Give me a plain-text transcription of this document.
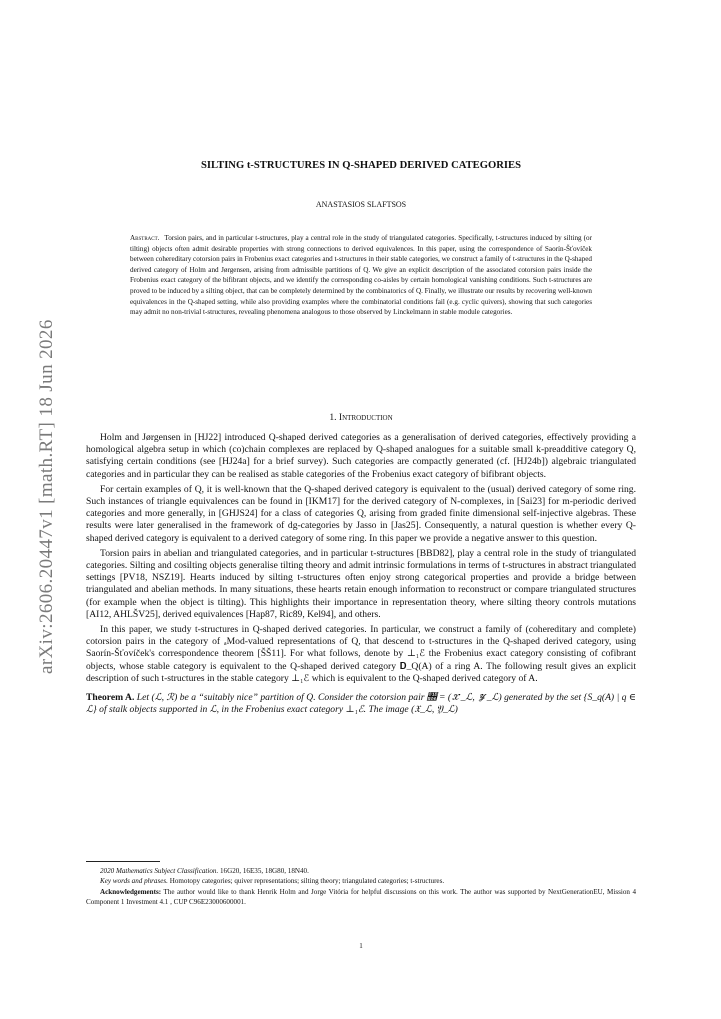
arXiv:2606.20447v1 [math.RT] 18 Jun 2026
SILTING t-STRUCTURES IN Q-SHAPED DERIVED CATEGORIES
ANASTASIOS SLAFTSOS
Abstract. Torsion pairs, and in particular t-structures, play a central role in the study of triangulated categories. Specifically, t-structures induced by silting (or tilting) objects often admit desirable properties with strong connections to derived equivalences. In this paper, using the correspondence of Saorín-Šťovíček between cohereditary cotorsion pairs in Frobenius exact categories and t-structures in their stable categories, we construct a family of t-structures in the Q-shaped derived category of Holm and Jørgensen, arising from admissible partitions of Q. We give an explicit description of the associated cotorsion pairs inside the Frobenius exact category of the bifibrant objects, and we identify the corresponding co-aisles by certain homological vanishing conditions. Such t-structures are proved to be induced by a silting object, that can be completely determined by the combinatorics of Q. Finally, we illustrate our results by recovering well-known equivalences in the Q-shaped setting, while also providing examples where the combinatorial conditions fail (e.g. cyclic quivers), showing that such categories may admit no non-trivial t-structures, revealing phenomena analogous to those observed by Linckelmann in stable module categories.
1. Introduction

Holm and Jørgensen in [HJ22] introduced Q-shaped derived categories as a generalisation of derived categories, effectively providing a homological algebra setup in which (co)chain complexes are replaced by Q-shaped analogues for a suitable small k-preadditive category Q, satisfying certain conditions (see [HJ24a] for a brief survey). Such categories are compactly generated (cf. [HJ24b]) algebraic triangulated categories and in particular they can be realised as stable categories of the Frobenius exact category of bifibrant objects.

For certain examples of Q, it is well-known that the Q-shaped derived category is equivalent to the (usual) derived category of some ring. Such instances of triangle equivalences can be found in [IKM17] for the derived category of N-complexes, in [Sai23] for m-periodic derived categories and more generally, in [GHJS24] for a class of categories Q, arising from graded finite dimensional self-injective algebras. These results were later generalised in the framework of dg-categories by Jasso in [Jas25]. Consequently, a natural question is whether every Q-shaped derived category is equivalent to a derived category of some ring. In this paper we provide a negative answer to this question.

Torsion pairs in abelian and triangulated categories, and in particular t-structures [BBD82], play a central role in the study of triangulated categories. Silting and cosilting objects generalise tilting theory and admit intrinsic formulations in terms of t-structures in abstract triangulated settings [PV18, NSZ19]. Hearts induced by silting t-structures often enjoy strong categorical properties and provide a bridge between triangulated and abelian methods. In many situations, these hearts retain enough information to reconstruct or compare triangulated structures (for example when the object is tilting). This highlights their importance in representation theory, where silting theory controls mutations [AI12, AHLŠV25], derived equivalences [Hap87, Ric89, Kel94], and others.

In this paper, we study t-structures in Q-shaped derived categories. In particular, we construct a family of (cohereditary and complete) cotorsion pairs in the category of ₐMod-valued representations of Q, that descend to t-structures in the Q-shaped derived category, using Saorín-Šťovíček's correspondence theorem [ŠŠ11]. For what follows, denote by ⊥₁ℰ the Frobenius exact category consisting of cofibrant objects, whose stable category is equivalent to the Q-shaped derived category 𝐃_Q(A) of a ring A. The following result gives an explicit description of such t-structures in the stable category ⊥₁ℰ which is equivalent to the Q-shaped derived category of A.

Theorem A. Let (ℒ, ℛ) be a “suitably nice” partition of Q. Consider the cotorsion pair 𝔆 = (𝒳_ℒ, 𝒴_ℒ) generated by the set {S_q(A) | q ∈ ℒ} of stalk objects supported in ℒ, in the Frobenius exact category ⊥₁ℰ. The image (𝔛_ℒ, 𝔜_ℒ)

2020 Mathematics Subject Classification. 16G20, 16E35, 18G80, 18N40.

Key words and phrases. Homotopy categories; quiver representations; silting theory; triangulated categories; t-structures.

Acknowledgements: The author would like to thank Henrik Holm and Jorge Vitória for helpful discussions on this work. The author was supported by NextGenerationEU, Mission 4 Component 1 Investment 4.1 , CUP C96E23000600001.

1
